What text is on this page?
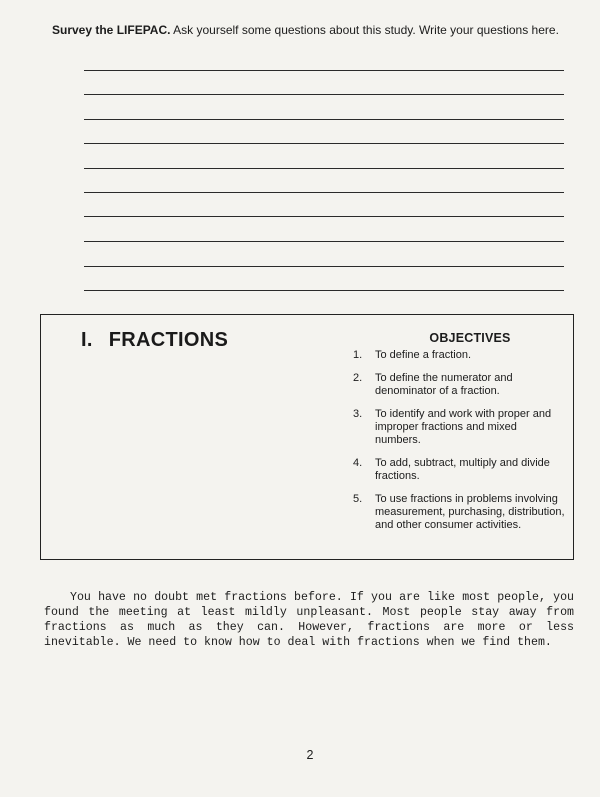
Survey the LIFEPAC. Ask yourself some questions about this study. Write your questions here.
I. FRACTIONS	OBJECTIVES
1.	To define a fraction.
2.	To define the numerator and denominator of a fraction.
3.	To identify and work with proper and improper fractions and mixed numbers.
4.	To add, subtract, multiply and divide fractions.
5.	To use fractions in problems involving measurement, purchasing, distribution, and other consumer activities.

You have no doubt met fractions before. If you are like most people, you found the meeting at least mildly unpleasant. Most people stay away from fractions as much as they can. However, fractions are more or less inevitable. We need to know how to deal with fractions when we find them.

2
